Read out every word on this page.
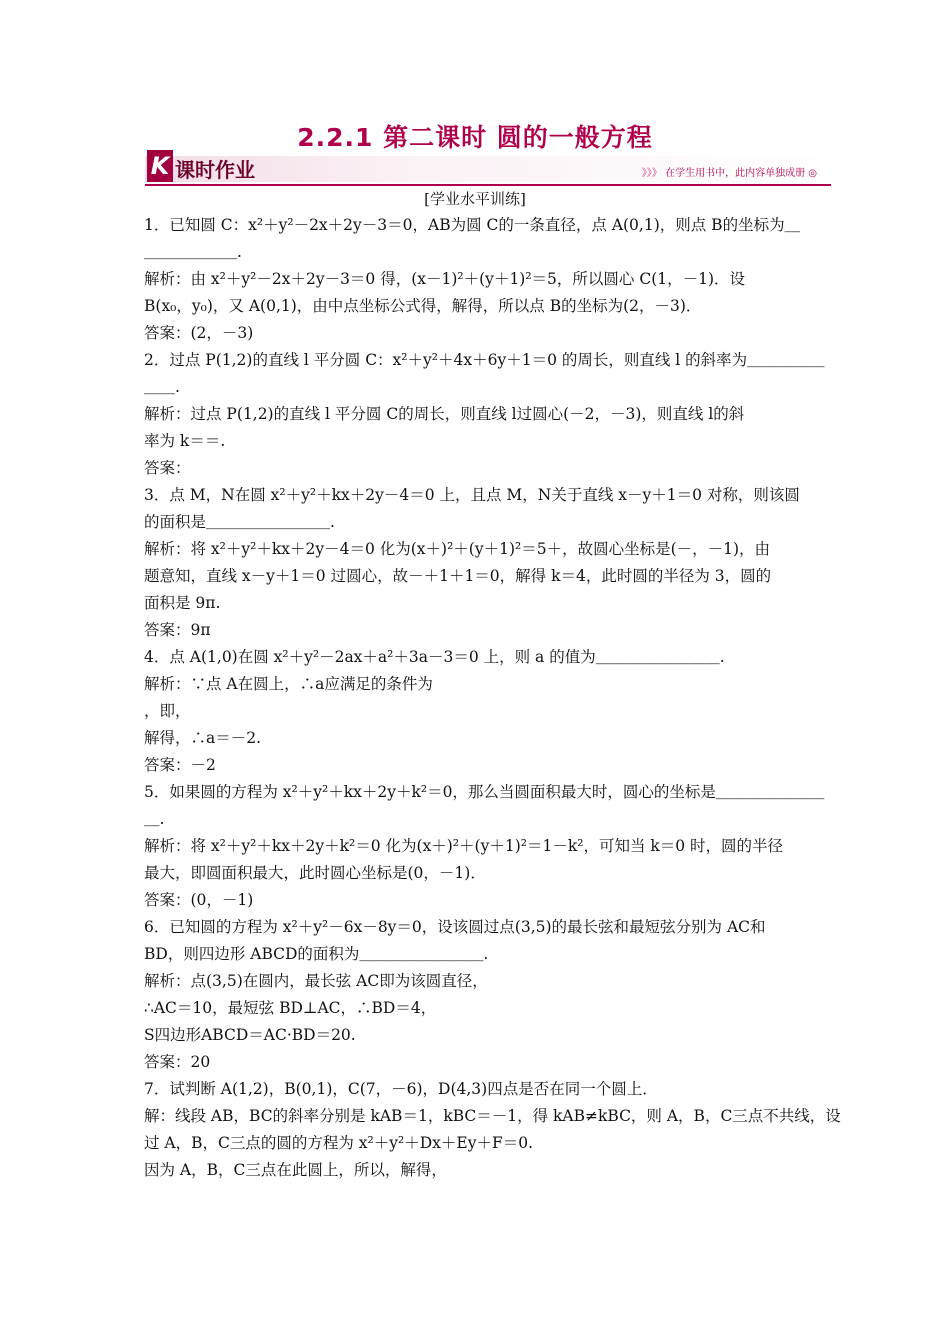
2.2.1 第二课时 圆的一般方程
K 课时作业	》》》 在学生用书中，此内容单独成册 ◎
[学业水平训练]
1．已知圆 C：x²＋y²－2x＋2y－3＝0，AB为圆 C的一条直径，点 A(0,1)，则点 B的坐标为＿
＿＿＿＿＿＿.
解析：由 x²＋y²－2x＋2y－3＝0 得，(x－1)²＋(y＋1)²＝5，所以圆心 C(1，－1)．设
B(x₀，y₀)，又 A(0,1)，由中点坐标公式得，解得，所以点 B的坐标为(2，－3)．
答案：(2，－3)
2．过点 P(1,2)的直线 l 平分圆 C：x²＋y²＋4x＋6y＋1＝0 的周长，则直线 l 的斜率为＿＿＿＿＿
＿＿.
解析：过点 P(1,2)的直线 l 平分圆 C的周长，则直线 l过圆心(－2，－3)，则直线 l的斜
率为 k＝＝.
答案：
3．点 M，N在圆 x²＋y²＋kx＋2y－4＝0 上，且点 M，N关于直线 x－y＋1＝0 对称，则该圆
的面积是＿＿＿＿＿＿＿＿.
解析：将 x²＋y²＋kx＋2y－4＝0 化为(x＋)²＋(y＋1)²＝5＋，故圆心坐标是(－，－1)，由
题意知，直线 x－y＋1＝0 过圆心，故－＋1＋1＝0，解得 k＝4，此时圆的半径为 3，圆的
面积是 9π.
答案：9π
4．点 A(1,0)在圆 x²＋y²－2ax＋a²＋3a－3＝0 上，则 a 的值为＿＿＿＿＿＿＿＿.
解析：∵点 A在圆上，∴a应满足的条件为
，即，
解得，∴a＝－2.
答案：－2
5．如果圆的方程为 x²＋y²＋kx＋2y＋k²＝0，那么当圆面积最大时，圆心的坐标是＿＿＿＿＿＿＿
＿.
解析：将 x²＋y²＋kx＋2y＋k²＝0 化为(x＋)²＋(y＋1)²＝1－k²，可知当 k＝0 时，圆的半径
最大，即圆面积最大，此时圆心坐标是(0，－1)．
答案：(0，－1)
6．已知圆的方程为 x²＋y²－6x－8y＝0，设该圆过点(3,5)的最长弦和最短弦分别为 AC和
BD，则四边形 ABCD的面积为＿＿＿＿＿＿＿＿.
解析：点(3,5)在圆内，最长弦 AC即为该圆直径，
∴AC＝10，最短弦 BD⊥AC，∴BD＝4，
S四边形ABCD＝AC·BD＝20.
答案：20
7．试判断 A(1,2)，B(0,1)，C(7，－6)，D(4,3)四点是否在同一个圆上．
解：线段 AB，BC的斜率分别是 kAB＝1，kBC＝－1，得 kAB≠kBC，则 A，B，C三点不共线，设
过 A，B，C三点的圆的方程为 x²＋y²＋Dx＋Ey＋F＝0.
因为 A，B，C三点在此圆上，所以，解得，
